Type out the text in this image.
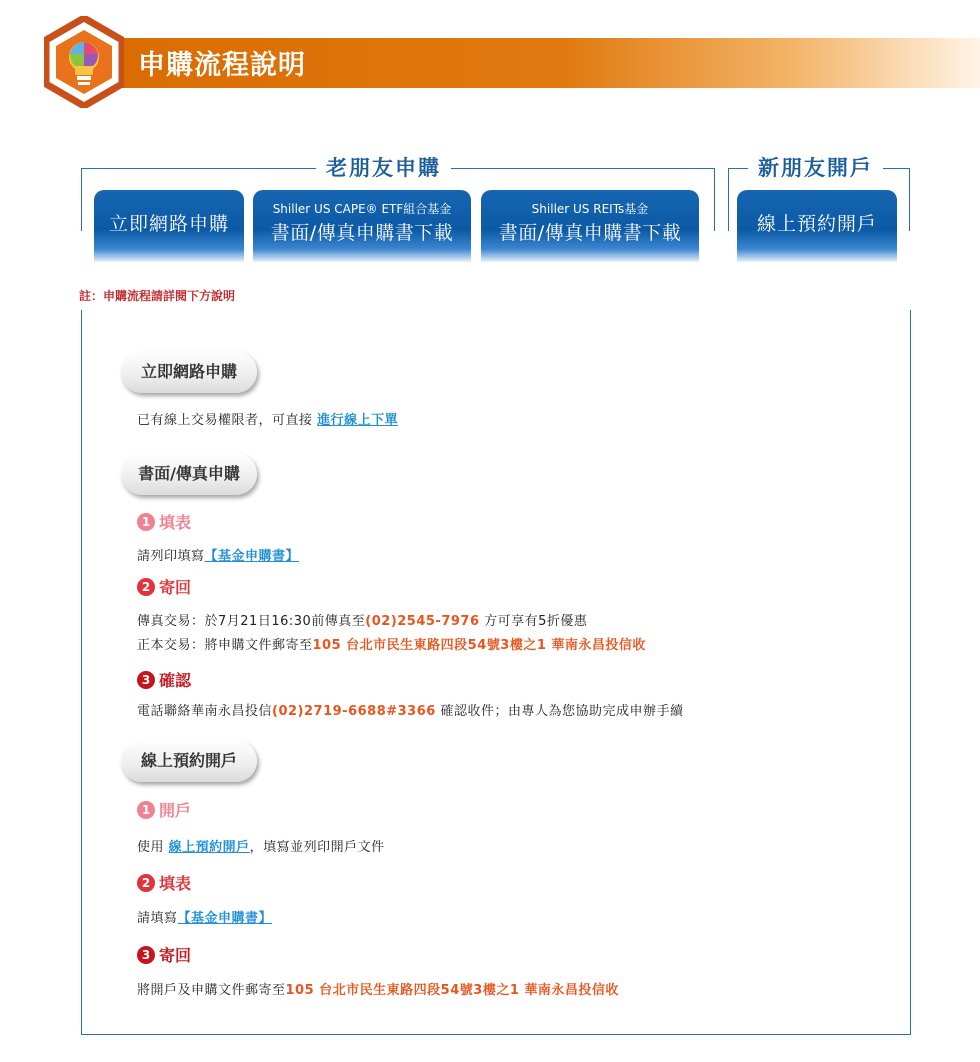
申購流程說明
老朋友申購	新朋友開戶
立即網路申購
Shiller US CAPE® ETF組合基金
書面/傳真申購書下載
Shiller US REITs基金
書面/傳真申購書下載	線上預約開戶
註：申購流程請詳閱下方說明
立即網路申購
已有線上交易權限者，可直接 進行線上下單
書面/傳真申購
1 填表
請列印填寫【基金申購書】
2 寄回
傳真交易：於7月21日16:30前傳真至(02)2545-7976 方可享有5折優惠
正本交易：將申購文件郵寄至105 台北市民生東路四段54號3樓之1 華南永昌投信收
3 確認
電話聯絡華南永昌投信(02)2719-6688#3366 確認收件；由專人為您協助完成申辦手續
線上預約開戶
1 開戶
使用 線上預約開戶，填寫並列印開戶文件
2 填表
請填寫【基金申購書】
3 寄回
將開戶及申購文件郵寄至105 台北市民生東路四段54號3樓之1 華南永昌投信收
